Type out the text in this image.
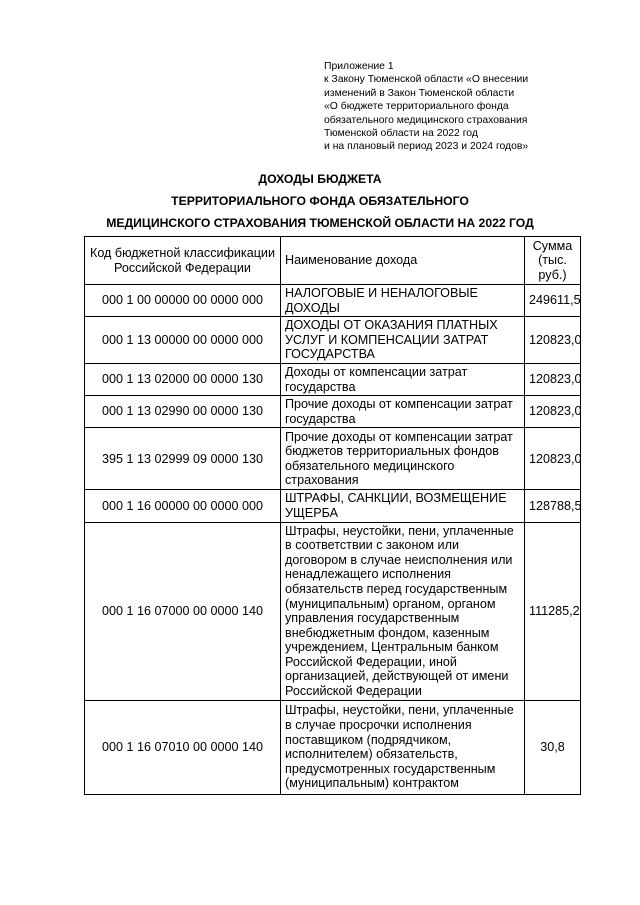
Приложение 1
к Закону Тюменской области «О внесении
изменений в Закон Тюменской области
«О бюджете территориального фонда
обязательного медицинского страхования
Тюменской области на 2022 год
и на плановый период 2023 и 2024 годов»
ДОХОДЫ БЮДЖЕТА
ТЕРРИТОРИАЛЬНОГО ФОНДА ОБЯЗАТЕЛЬНОГО
МЕДИЦИНСКОГО СТРАХОВАНИЯ ТЮМЕНСКОЙ ОБЛАСТИ НА 2022 ГОД
Код бюджетной классификации Российской Федерации	Наименование дохода	Сумма (тыс. руб.)
000 1 00 00000 00 0000 000	НАЛОГОВЫЕ И НЕНАЛОГОВЫЕ ДОХОДЫ	249611,5
000 1 13 00000 00 0000 000	ДОХОДЫ ОТ ОКАЗАНИЯ ПЛАТНЫХ УСЛУГ И КОМПЕНСАЦИИ ЗАТРАТ ГОСУДАРСТВА	120823,0
000 1 13 02000 00 0000 130	Доходы от компенсации затрат государства	120823,0
000 1 13 02990 00 0000 130	Прочие доходы от компенсации затрат государства	120823,0
395 1 13 02999 09 0000 130	Прочие доходы от компенсации затрат бюджетов территориальных фондов обязательного медицинского страхования	120823,0
000 1 16 00000 00 0000 000	ШТРАФЫ, САНКЦИИ, ВОЗМЕЩЕНИЕ УЩЕРБА	128788,5
000 1 16 07000 00 0000 140	Штрафы, неустойки, пени, уплаченные в соответствии с законом или договором в случае неисполнения или ненадлежащего исполнения обязательств перед государственным (муниципальным) органом, органом управления государственным внебюджетным фондом, казенным учреждением, Центральным банком Российской Федерации, иной организацией, действующей от имени Российской Федерации	111285,2
000 1 16 07010 00 0000 140	Штрафы, неустойки, пени, уплаченные в случае просрочки исполнения поставщиком (подрядчиком, исполнителем) обязательств, предусмотренных государственным (муниципальным) контрактом	30,8
